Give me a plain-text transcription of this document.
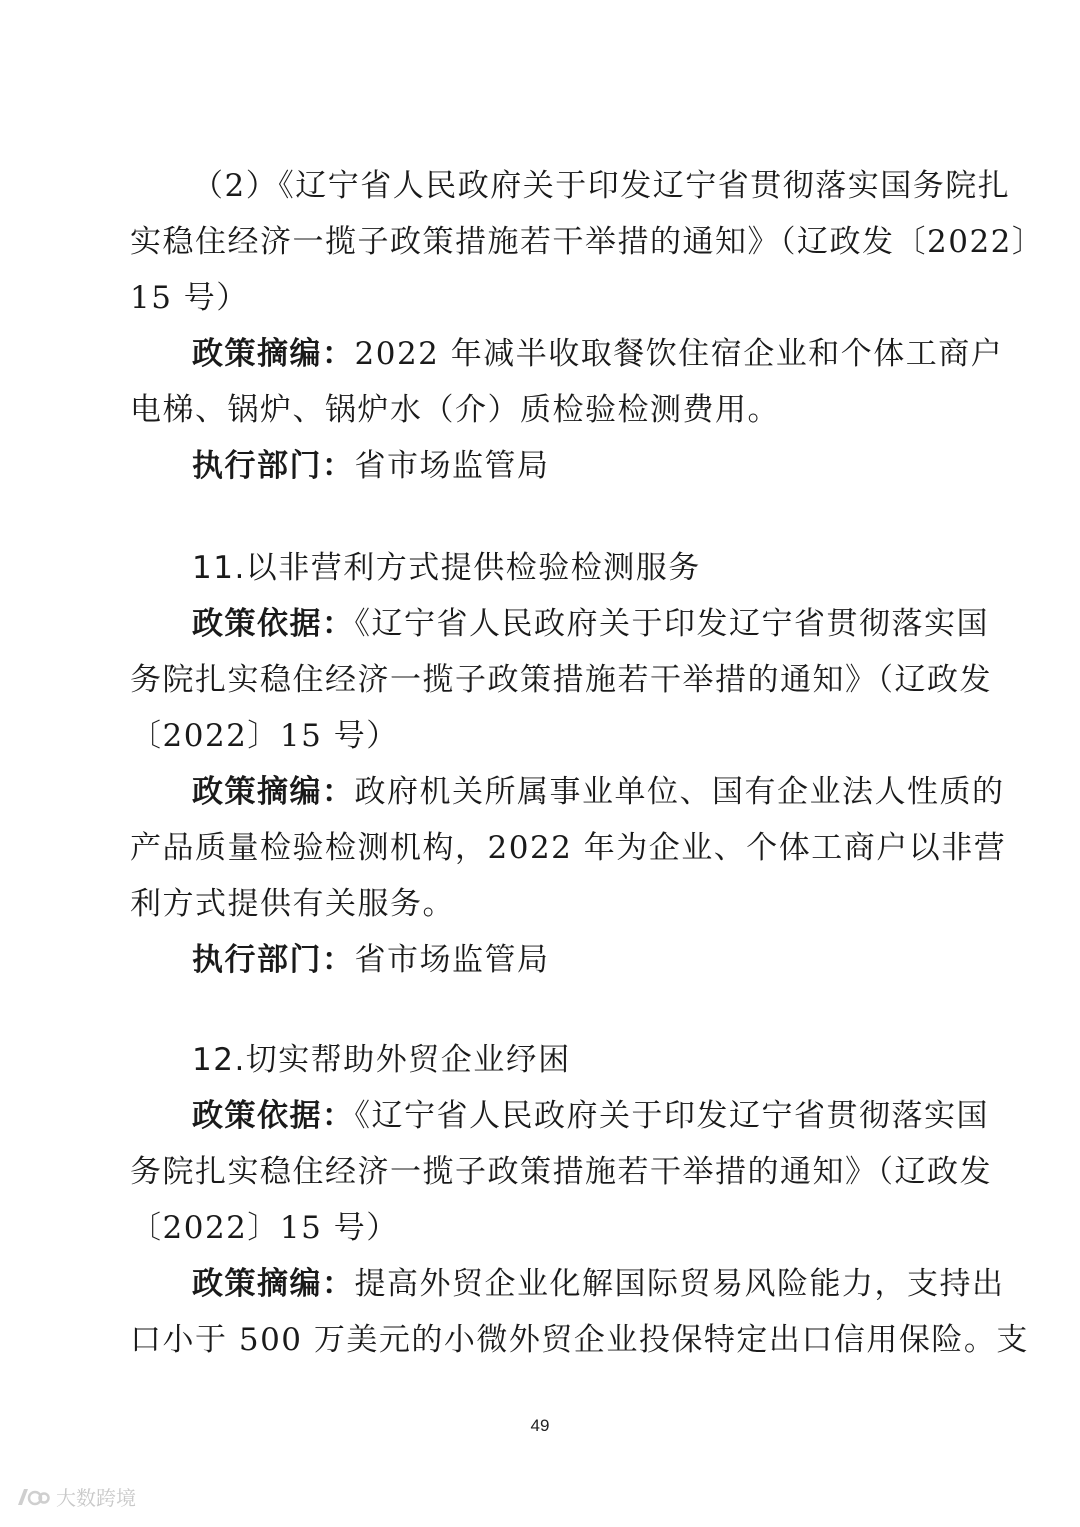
（2）《辽宁省人民政府关于印发辽宁省贯彻落实国务院扎
实稳住经济一揽子政策措施若干举措的通知》（辽政发〔2022〕
15 号）
政策摘编：2022 年减半收取餐饮住宿企业和个体工商户
电梯、锅炉、锅炉水（介）质检验检测费用。
执行部门：省市场监管局
11.以非营利方式提供检验检测服务
政策依据：《辽宁省人民政府关于印发辽宁省贯彻落实国
务院扎实稳住经济一揽子政策措施若干举措的通知》（辽政发
〔2022〕15 号）
政策摘编：政府机关所属事业单位、国有企业法人性质的
产品质量检验检测机构，2022 年为企业、个体工商户以非营
利方式提供有关服务。
执行部门：省市场监管局
12.切实帮助外贸企业纾困
政策依据：《辽宁省人民政府关于印发辽宁省贯彻落实国
务院扎实稳住经济一揽子政策措施若干举措的通知》（辽政发
〔2022〕15 号）
政策摘编：提高外贸企业化解国际贸易风险能力，支持出
口小于 500 万美元的小微外贸企业投保特定出口信用保险。支
49
大数跨境
